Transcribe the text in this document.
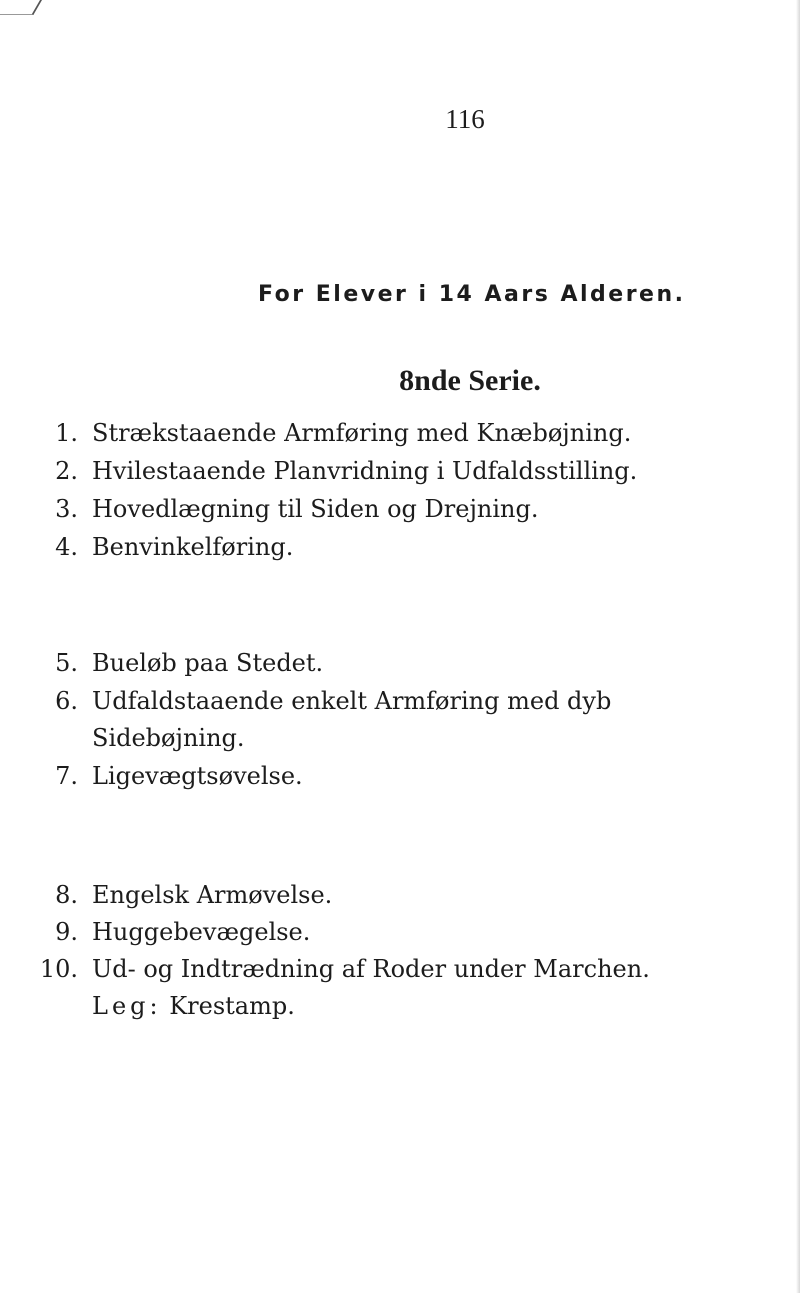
116
For Elever i 14 Aars Alderen.
8nde Serie.
1. Strækstaaende Armføring med Knæbøjning.
2. Hvilestaaende Planvridning i Udfaldsstilling.
3. Hovedlægning til Siden og Drejning.
4. Benvinkelføring.
5. Bueløb paa Stedet.
6. Udfaldstaaende enkelt Armføring med dyb
Sidebøjning.
7. Ligevægtsøvelse.
8. Engelsk Armøvelse.
9. Huggebevægelse.
10. Ud- og Indtrædning af Roder under Marchen.
Leg: Krestamp.
